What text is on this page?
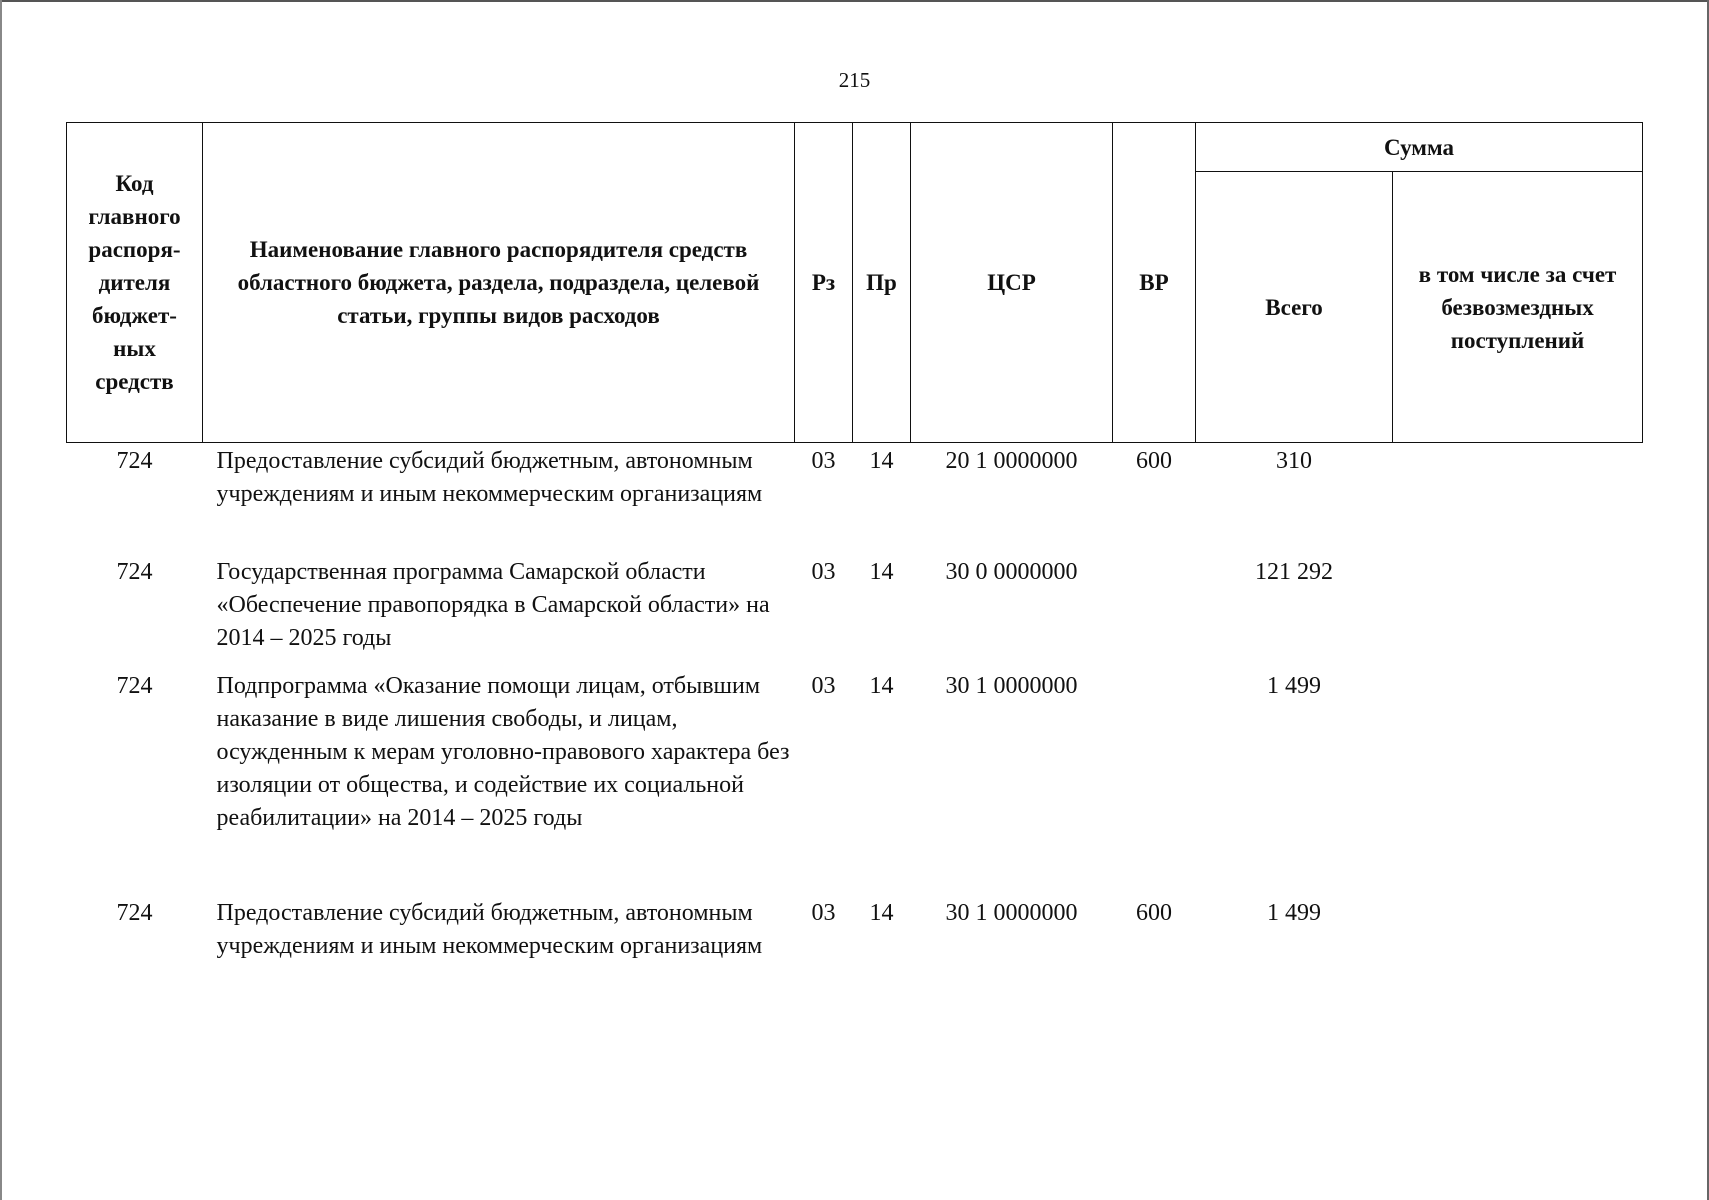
215
Код главного распоря-дителя бюджет-ных средств	Наименование главного распорядителя средств областного бюджета, раздела, подраздела, целевой статьи, группы видов расходов	Рз	Пр	ЦСР	ВР	Сумма	
						Всего	в том числе за счет безвозмездных поступлений
724	Предоставление субсидий бюджетным, автономным учреждениям и иным некоммерческим организациям	03	14	20 1 0000000	600	310	
724	Государственная программа Самарской области «Обеспечение правопорядка в Самарской области» на 2014 – 2025 годы	03	14	30 0 0000000		121 292	
724	Подпрограмма «Оказание помощи лицам, отбывшим наказание в виде лишения свободы, и лицам, осужденным к мерам уголовно-правового характера без изоляции от общества, и содействие их социальной реабилитации» на 2014 – 2025 годы	03	14	30 1 0000000		1 499	
724	Предоставление субсидий бюджетным, автономным учреждениям и иным некоммерческим организациям	03	14	30 1 0000000	600	1 499	
